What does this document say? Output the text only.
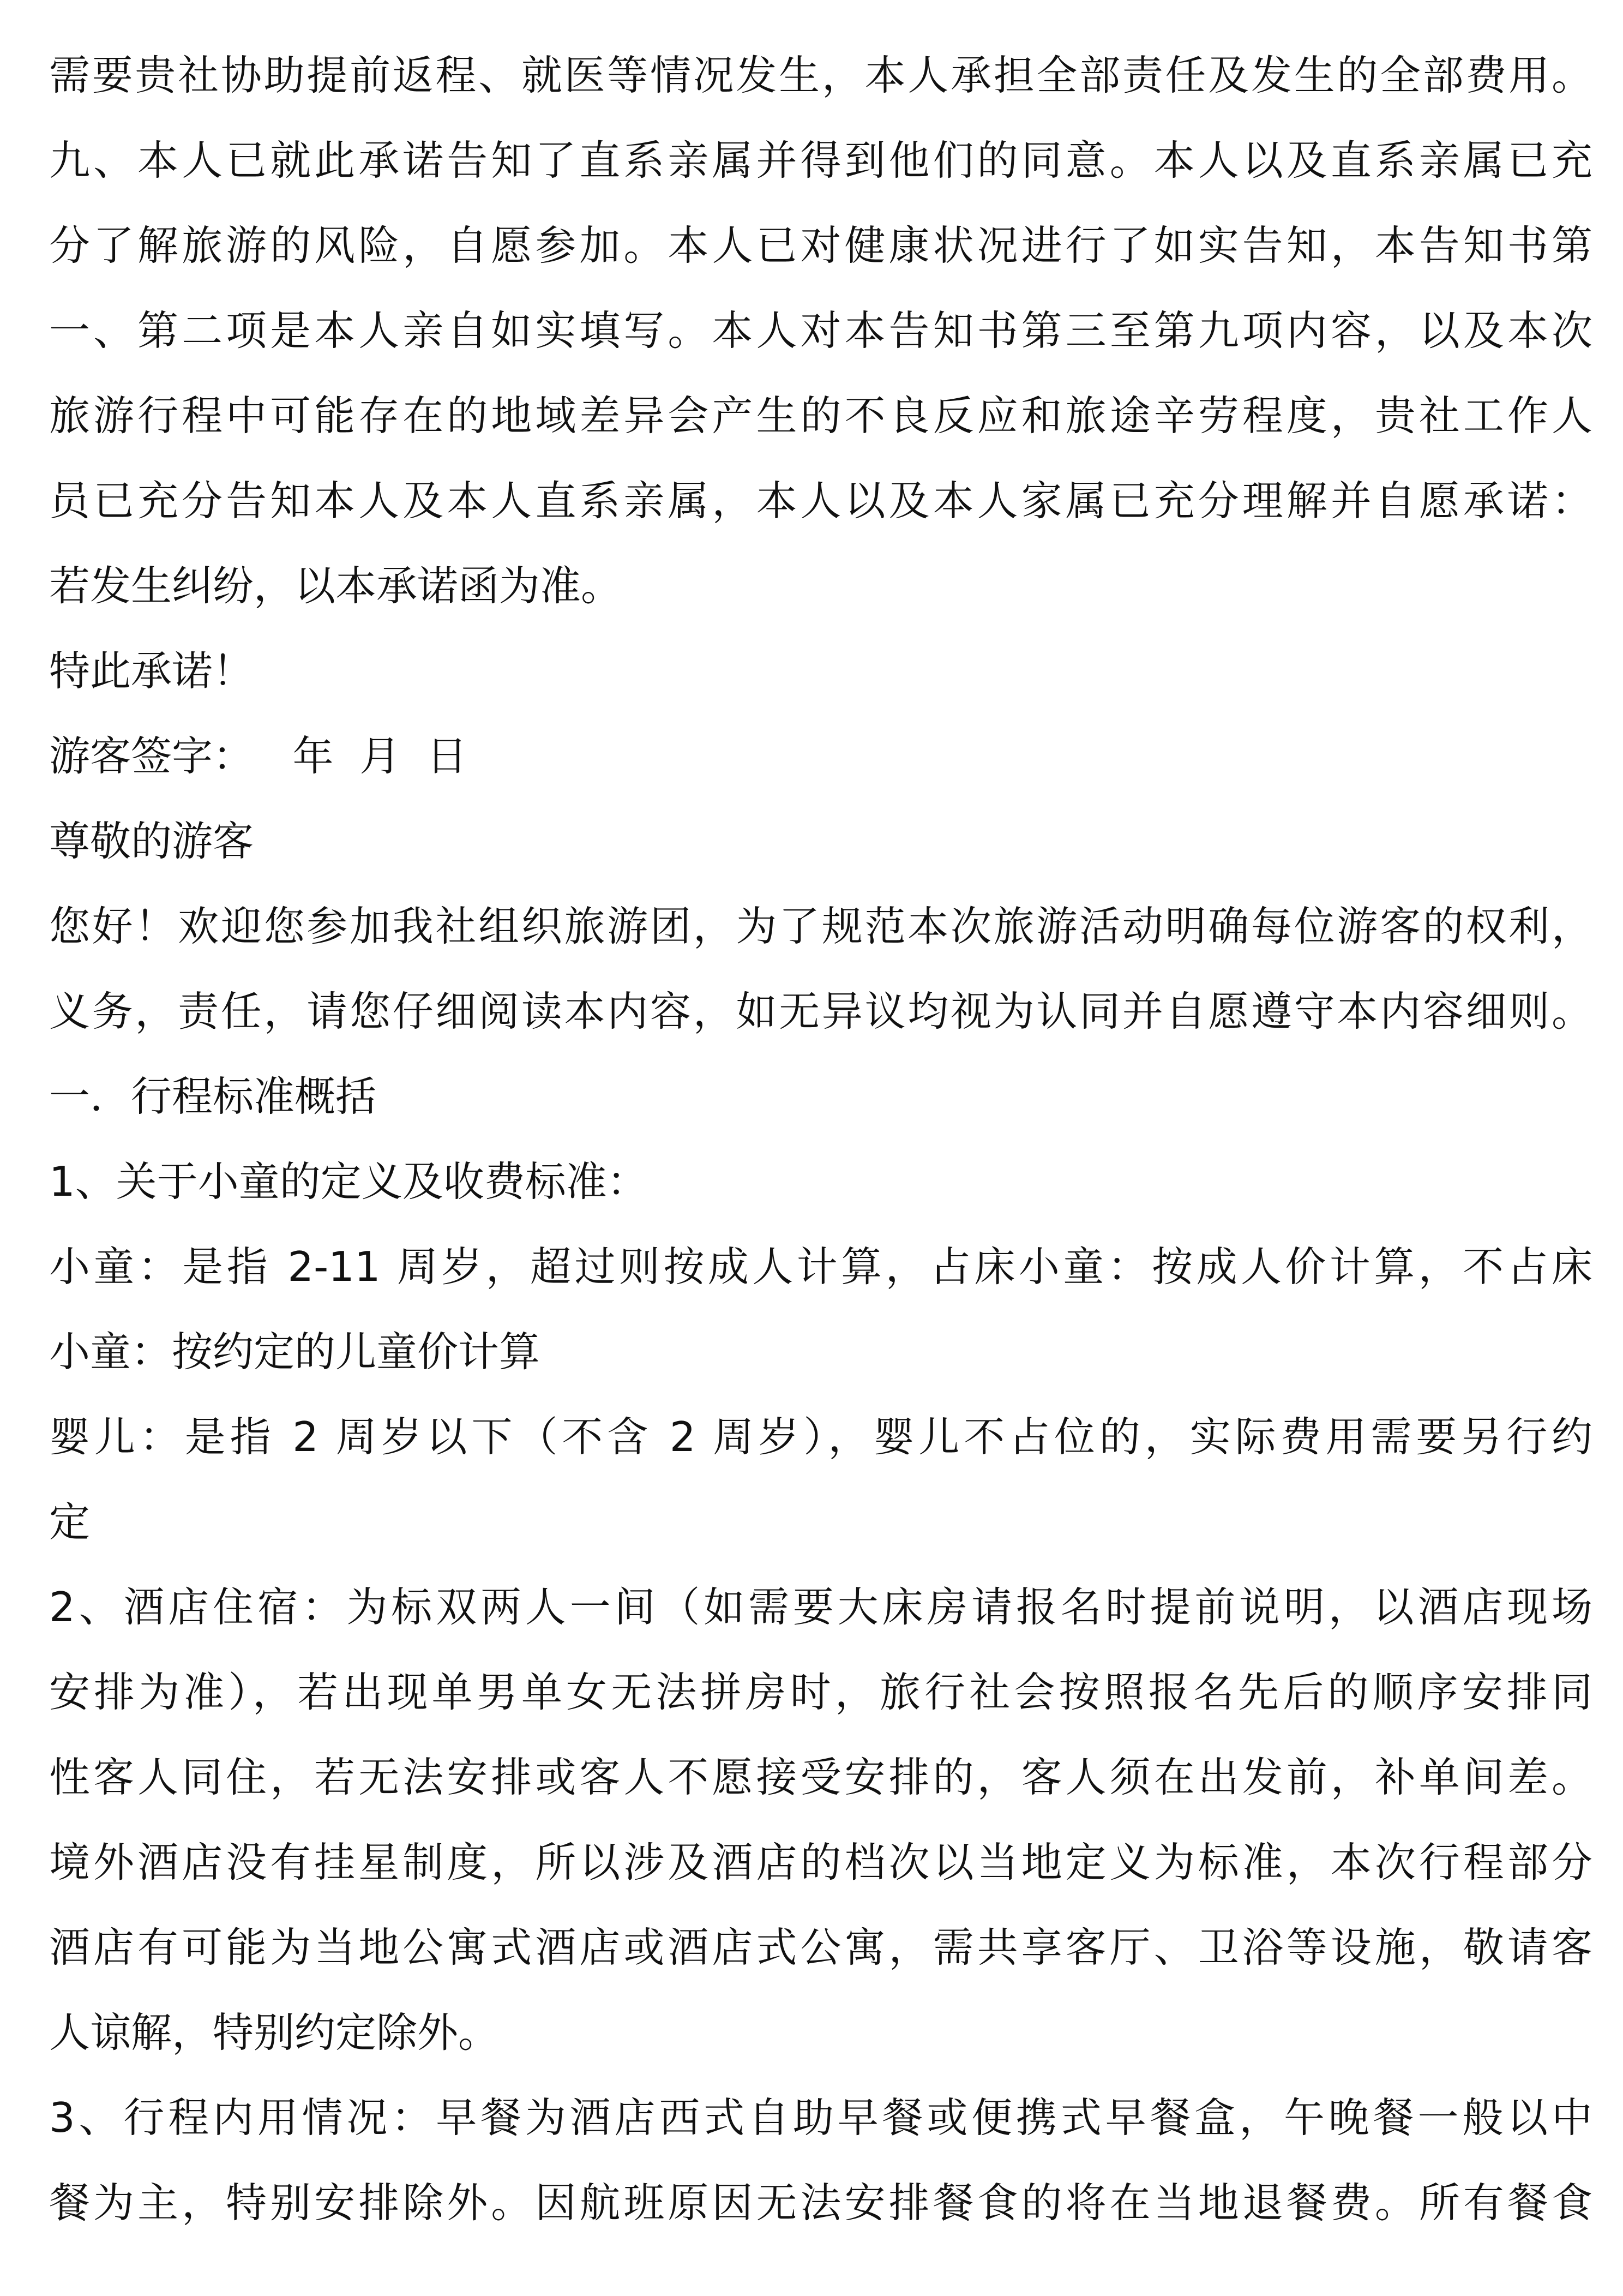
需要贵社协助提前返程、就医等情况发生，本人承担全部责任及发生的全部费用。
九、本人已就此承诺告知了直系亲属并得到他们的同意。本人以及直系亲属已充
分了解旅游的风险，自愿参加。本人已对健康状况进行了如实告知，本告知书第
一、第二项是本人亲自如实填写。本人对本告知书第三至第九项内容，以及本次
旅游行程中可能存在的地域差异会产生的不良反应和旅途辛劳程度，贵社工作人
员已充分告知本人及本人直系亲属，本人以及本人家属已充分理解并自愿承诺：
若发生纠纷，以本承诺函为准。
特此承诺！
游客签字：   年  月  日
尊敬的游客
您好！欢迎您参加我社组织旅游团，为了规范本次旅游活动明确每位游客的权利，
义务，责任，请您仔细阅读本内容，如无异议均视为认同并自愿遵守本内容细则。
一．行程标准概括
1、关于小童的定义及收费标准：
小童：是指 2-11 周岁，超过则按成人计算，占床小童：按成人价计算，不占床
小童：按约定的儿童价计算
婴儿：是指 2 周岁以下（不含 2 周岁），婴儿不占位的，实际费用需要另行约
定
2、酒店住宿：为标双两人一间（如需要大床房请报名时提前说明，以酒店现场
安排为准），若出现单男单女无法拼房时，旅行社会按照报名先后的顺序安排同
性客人同住，若无法安排或客人不愿接受安排的，客人须在出发前，补单间差。
境外酒店没有挂星制度，所以涉及酒店的档次以当地定义为标准，本次行程部分
酒店有可能为当地公寓式酒店或酒店式公寓，需共享客厅、卫浴等设施，敬请客
人谅解，特别约定除外。
3、行程内用情况：早餐为酒店西式自助早餐或便携式早餐盒，午晚餐一般以中
餐为主，特别安排除外。因航班原因无法安排餐食的将在当地退餐费。所有餐食
